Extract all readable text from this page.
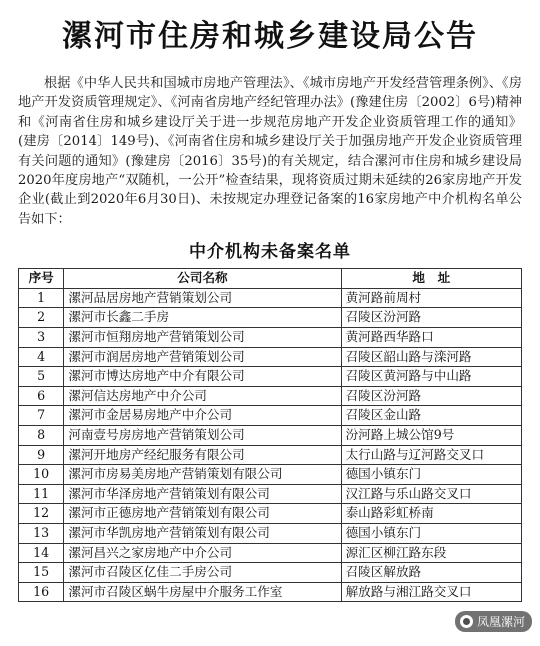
漯河市住房和城乡建设局公告

根据《中华人民共和国城市房地产管理法》、《城市房地产开发经营管理条例》、《房地产开发资质管理规定》、《河南省房地产经纪管理办法》(豫建住房〔2002〕6号)精神和《河南省住房和城乡建设厅关于进一步规范房地产开发企业资质管理工作的通知》(建房〔2014〕149号)、《河南省住房和城乡建设厅关于加强房地产开发企业资质管理有关问题的通知》(豫建房〔2016〕35号)的有关规定，结合漯河市住房和城乡建设局2020年度房地产“双随机，一公开”检查结果，现将资质过期未延续的26家房地产开发企业(截止到2020年6月30日)、未按规定办理登记备案的16家房地产中介机构名单公告如下：

中介机构未备案名单
序号	公司名称	地　址
1	漯河品居房地产营销策划公司	黄河路前周村
2	漯河市长鑫二手房	召陵区汾河路
3	漯河市恒翔房地产营销策划公司	黄河路西华路口
4	漯河市润居房地产营销策划公司	召陵区韶山路与滦河路
5	漯河市博达房地产中介有限公司	召陵区黄河路与中山路
6	漯河信达房地产中介公司	召陵区汾河路
7	漯河市金居易房地产中介公司	召陵区金山路
8	河南壹号房房地产营销策划公司	汾河路上城公馆9号
9	漯河开地房产经纪服务有限公司	太行山路与辽河路交叉口
10	漯河市房易美房地产营销策划有限公司	德国小镇东门
11	漯河市华泽房地产营销策划有限公司	汉江路与乐山路交叉口
12	漯河市正德房地产营销策划有限公司	泰山路彩虹桥南
13	漯河市华凯房地产营销策划有限公司	德国小镇东门
14	漯河昌兴之家房地产中介公司	源汇区柳江路东段
15	漯河市召陵区亿佳二手房公司	召陵区解放路
16	漯河市召陵区蜗牛房屋中介服务工作室	解放路与湘江路交叉口
凤凰漯河
